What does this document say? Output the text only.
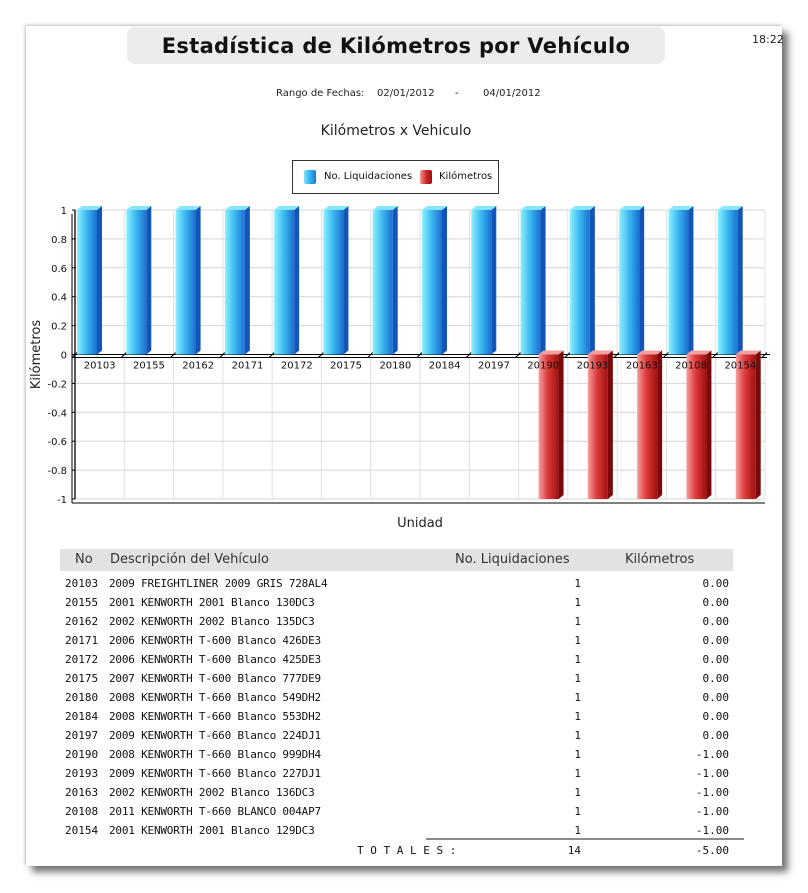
18:22
Estadística de Kilómetros por Vehículo
Rango de Fechas: 02/01/2012 - 04/01/2012
Kilómetros x Vehiculo
No. Liquidaciones	Kilómetros
1
0.8
0.6
0.4
0.2
0
-0.2
-0.4
-0.6
-0.8
-1
20103 20155 20162 20171 20172 20175 20180 20184 20197 20190 20193 20163 20108 20154
Unidad
Kilómetros
No Descripción del Vehículo	No. Liquidaciones	Kilómetros
20103 2009 FREIGHTLINER 2009 GRIS 728AL4	1	0.00
20155 2001 KENWORTH 2001 Blanco 130DC3	1	0.00
20162 2002 KENWORTH 2002 Blanco 135DC3	1	0.00
20171 2006 KENWORTH T-600 Blanco 426DE3	1	0.00
20172 2006 KENWORTH T-600 Blanco 425DE3	1	0.00
20175 2007 KENWORTH T-600 Blanco 777DE9	1	0.00
20180 2008 KENWORTH T-660 Blanco 549DH2	1	0.00
20184 2008 KENWORTH T-660 Blanco 553DH2	1	0.00
20197 2009 KENWORTH T-660 Blanco 224DJ1	1	0.00
20190 2008 KENWORTH T-660 Blanco 999DH4	1	-1.00
20193 2009 KENWORTH T-660 Blanco 227DJ1	1	-1.00
20163 2002 KENWORTH 2002 Blanco 136DC3	1	-1.00
20108 2011 KENWORTH T-660 BLANCO 004AP7	1	-1.00
20154 2001 KENWORTH 2001 Blanco 129DC3	1	-1.00
T O T A L E S :	14	-5.00
